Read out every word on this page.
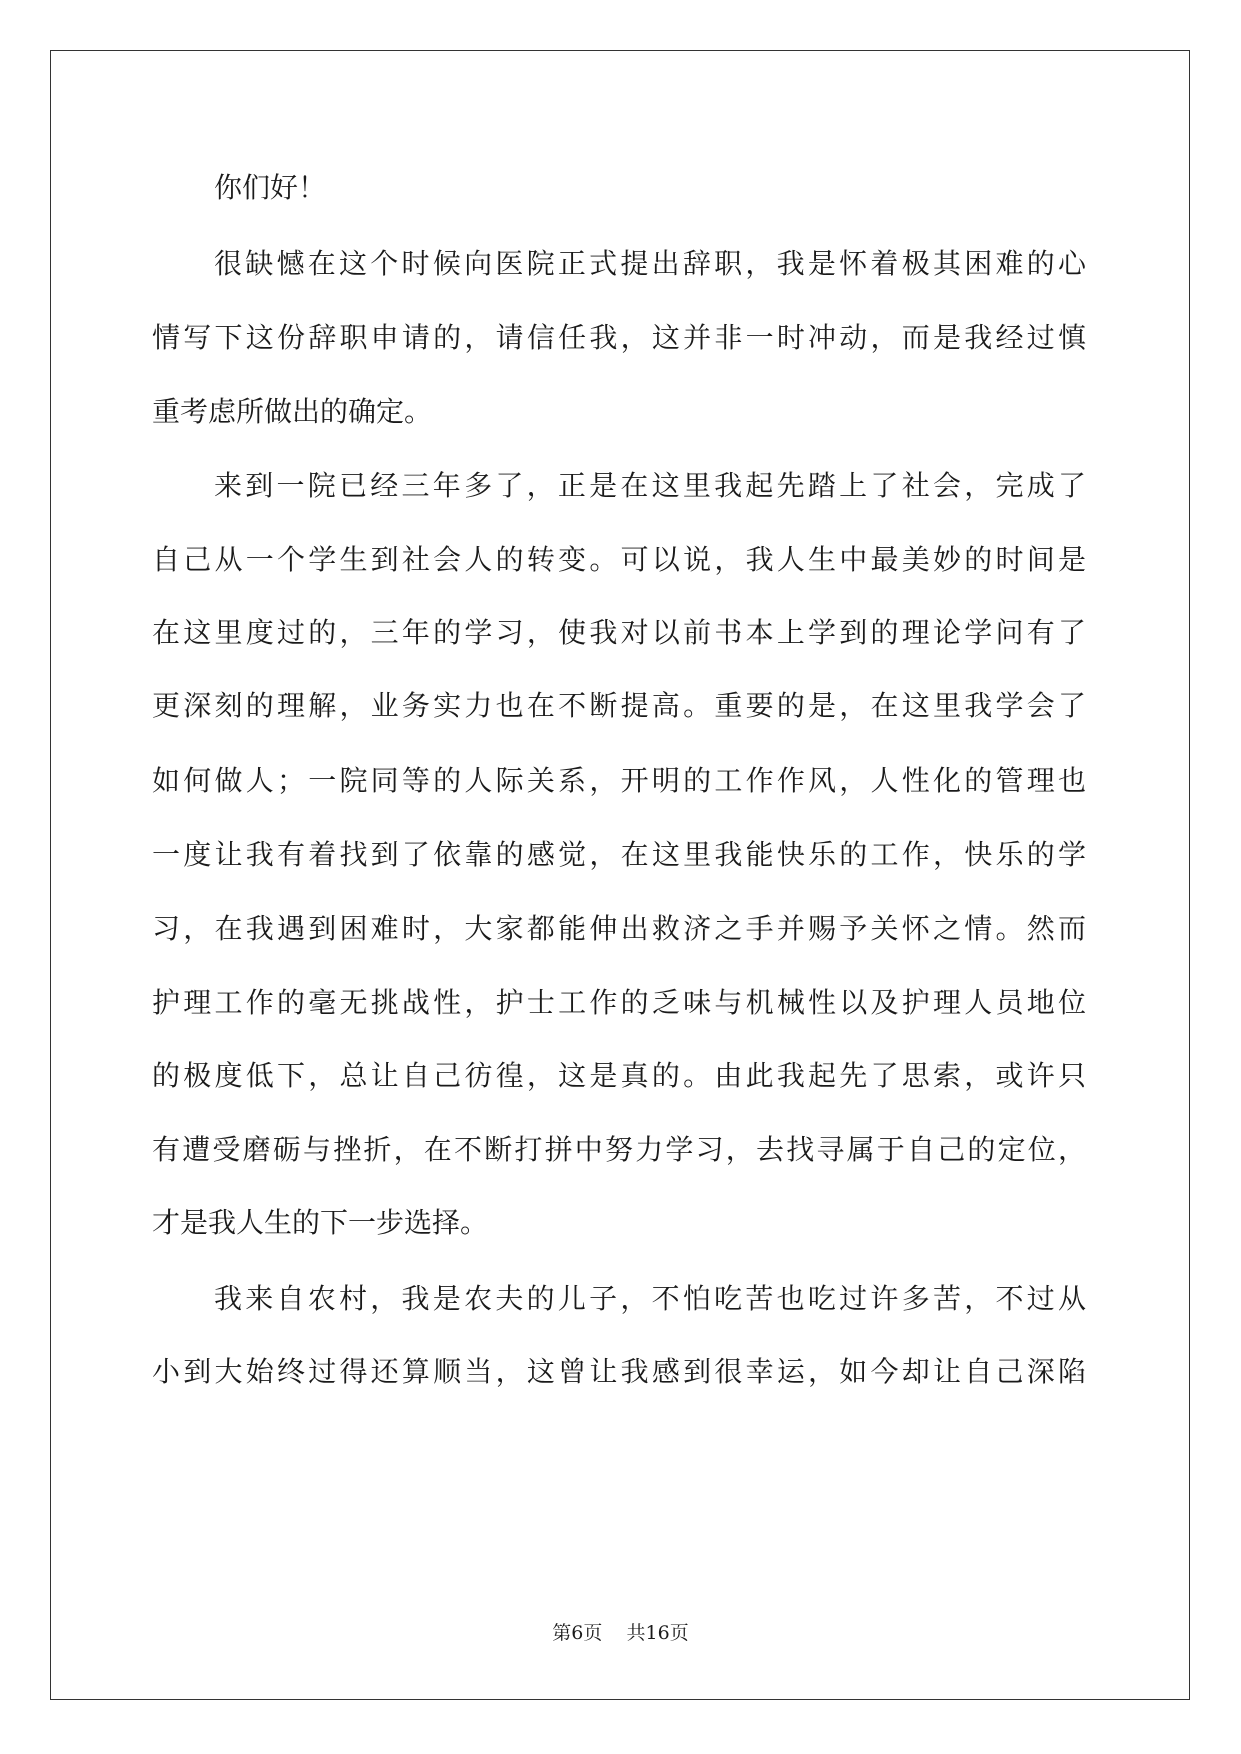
你们好！
很缺憾在这个时候向医院正式提出辞职，我是怀着极其困难的心
情写下这份辞职申请的，请信任我，这并非一时冲动，而是我经过慎
重考虑所做出的确定。
来到一院已经三年多了，正是在这里我起先踏上了社会，完成了
自己从一个学生到社会人的转变。可以说，我人生中最美妙的时间是
在这里度过的，三年的学习，使我对以前书本上学到的理论学问有了
更深刻的理解，业务实力也在不断提高。重要的是，在这里我学会了
如何做人；一院同等的人际关系，开明的工作作风，人性化的管理也
一度让我有着找到了依靠的感觉，在这里我能快乐的工作，快乐的学
习，在我遇到困难时，大家都能伸出救济之手并赐予关怀之情。然而
护理工作的毫无挑战性，护士工作的乏味与机械性以及护理人员地位
的极度低下，总让自己彷徨，这是真的。由此我起先了思索，或许只
有遭受磨砺与挫折，在不断打拼中努力学习，去找寻属于自己的定位，
才是我人生的下一步选择。
我来自农村，我是农夫的儿子，不怕吃苦也吃过许多苦，不过从
小到大始终过得还算顺当，这曾让我感到很幸运，如今却让自己深陷
第6页    共16页
